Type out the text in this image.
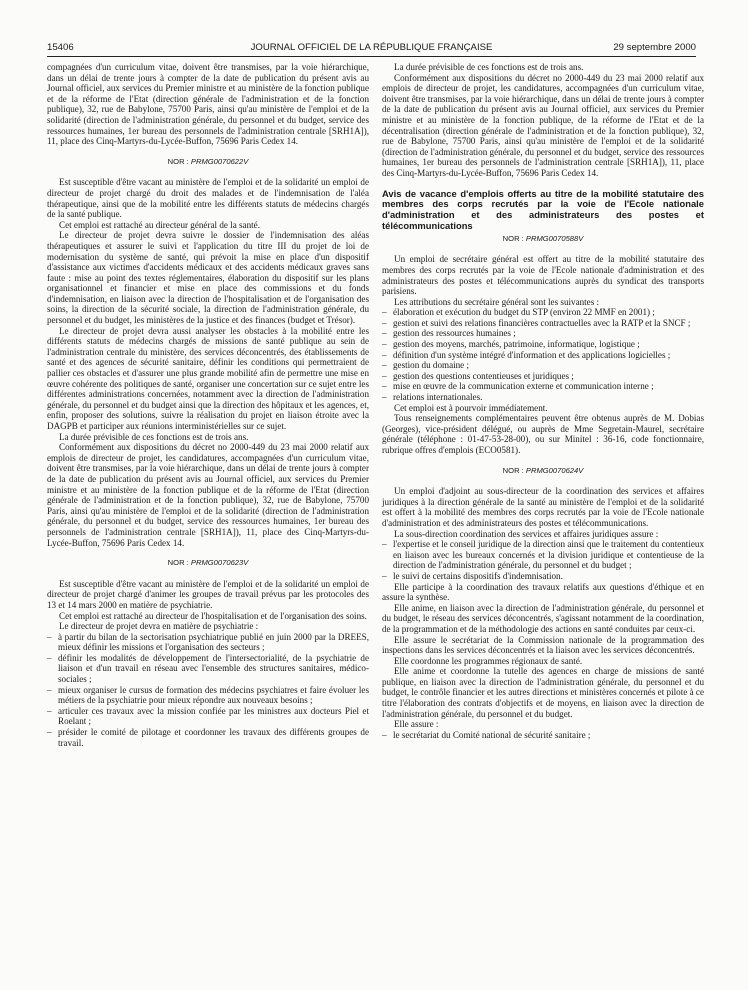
15406	JOURNAL OFFICIEL DE LA RÉPUBLIQUE FRANÇAISE	29 septembre 2000

compagnées d'un curriculum vitae, doivent être transmises, par la voie hiérarchique, dans un délai de trente jours à compter de la date de publication du présent avis au Journal officiel, aux services du Premier ministre et au ministère de la fonction publique et de la réforme de l'Etat (direction générale de l'administration et de la fonction publique), 32, rue de Babylone, 75700 Paris, ainsi qu'au ministère de l'emploi et de la solidarité (direction de l'administration générale, du personnel et du budget, service des ressources humaines, 1er bureau des personnels de l'administration centrale [SRH1A]), 11, place des Cinq-Martyrs-du-Lycée-Buffon, 75696 Paris Cedex 14.

NOR : PRMG0070622V

Est susceptible d'être vacant au ministère de l'emploi et de la solidarité un emploi de directeur de projet chargé du droit des malades et de l'indemnisation de l'aléa thérapeutique, ainsi que de la mobilité entre les différents statuts de médecins chargés de la santé publique.

Cet emploi est rattaché au directeur général de la santé.

Le directeur de projet devra suivre le dossier de l'indemnisation des aléas thérapeutiques et assurer le suivi et l'application du titre III du projet de loi de modernisation du système de santé, qui prévoit la mise en place d'un dispositif d'assistance aux victimes d'accidents médicaux et des accidents médicaux graves sans faute : mise au point des textes réglementaires, élaboration du dispositif sur les plans organisationnel et financier et mise en place des commissions et du fonds d'indemnisation, en liaison avec la direction de l'hospitalisation et de l'organisation des soins, la direction de la sécurité sociale, la direction de l'administration générale, du personnel et du budget, les ministères de la justice et des finances (budget et Trésor).

Le directeur de projet devra aussi analyser les obstacles à la mobilité entre les différents statuts de médecins chargés de missions de santé publique au sein de l'administration centrale du ministère, des services déconcentrés, des établissements de santé et des agences de sécurité sanitaire, définir les conditions qui permettraient de pallier ces obstacles et d'assurer une plus grande mobilité afin de permettre une mise en œuvre cohérente des politiques de santé, organiser une concertation sur ce sujet entre les différentes administrations concernées, notamment avec la direction de l'administration générale, du personnel et du budget ainsi que la direction des hôpitaux et les agences, et, enfin, proposer des solutions, suivre la réalisation du projet en liaison étroite avec la DAGPB et participer aux réunions interministérielles sur ce sujet.

La durée prévisible de ces fonctions est de trois ans.

Conformément aux dispositions du décret no 2000-449 du 23 mai 2000 relatif aux emplois de directeur de projet, les candidatures, accompagnées d'un curriculum vitae, doivent être transmises, par la voie hiérarchique, dans un délai de trente jours à compter de la date de publication du présent avis au Journal officiel, aux services du Premier ministre et au ministère de la fonction publique et de la réforme de l'Etat (direction générale de l'administration et de la fonction publique), 32, rue de Babylone, 75700 Paris, ainsi qu'au ministère de l'emploi et de la solidarité (direction de l'administration générale, du personnel et du budget, service des ressources humaines, 1er bureau des personnels de l'administration centrale [SRH1A]), 11, place des Cinq-Martyrs-du-Lycée-Buffon, 75696 Paris Cedex 14.

NOR : PRMG0070623V

Est susceptible d'être vacant au ministère de l'emploi et de la solidarité un emploi de directeur de projet chargé d'animer les groupes de travail prévus par les protocoles des 13 et 14 mars 2000 en matière de psychiatrie.

Cet emploi est rattaché au directeur de l'hospitalisation et de l'organisation des soins.

Le directeur de projet devra en matière de psychiatrie :

– à partir du bilan de la sectorisation psychiatrique publié en juin 2000 par la DREES, mieux définir les missions et l'organisation des secteurs ;
– définir les modalités de développement de l'intersectorialité, de la psychiatrie de liaison et d'un travail en réseau avec l'ensemble des structures sanitaires, médico-sociales ;
– mieux organiser le cursus de formation des médecins psychiatres et faire évoluer les métiers de la psychiatrie pour mieux répondre aux nouveaux besoins ;
– articuler ces travaux avec la mission confiée par les ministres aux docteurs Piel et Roelant ;
– présider le comité de pilotage et coordonner les travaux des différents groupes de travail.

La durée prévisible de ces fonctions est de trois ans.

Conformément aux dispositions du décret no 2000-449 du 23 mai 2000 relatif aux emplois de directeur de projet, les candidatures, accompagnées d'un curriculum vitae, doivent être transmises, par la voie hiérarchique, dans un délai de trente jours à compter de la date de publication du présent avis au Journal officiel, aux services du Premier ministre et au ministère de la fonction publique, de la réforme de l'Etat et de la décentralisation (direction générale de l'administration et de la fonction publique), 32, rue de Babylone, 75700 Paris, ainsi qu'au ministère de l'emploi et de la solidarité (direction de l'administration générale, du personnel et du budget, service des ressources humaines, 1er bureau des personnels de l'administration centrale [SRH1A]), 11, place des Cinq-Martyrs-du-Lycée-Buffon, 75696 Paris Cedex 14.

Avis de vacance d'emplois offerts au titre de la mobilité statutaire des membres des corps recrutés par la voie de l'Ecole nationale d'administration et des administrateurs des postes et télécommunications
NOR : PRMG0070588V

Un emploi de secrétaire général est offert au titre de la mobilité statutaire des membres des corps recrutés par la voie de l'Ecole nationale d'administration et des administrateurs des postes et télécommunications auprès du syndicat des transports parisiens.

Les attributions du secrétaire général sont les suivantes :

– élaboration et exécution du budget du STP (environ 22 MMF en 2001) ;
– gestion et suivi des relations financières contractuelles avec la RATP et la SNCF ;
– gestion des ressources humaines ;
– gestion des moyens, marchés, patrimoine, informatique, logistique ;
– définition d'un système intégré d'information et des applications logicielles ;
– gestion du domaine ;
– gestion des questions contentieuses et juridiques ;
– mise en œuvre de la communication externe et communication interne ;
– relations internationales.

Cet emploi est à pourvoir immédiatement.

Tous renseignements complémentaires peuvent être obtenus auprès de M. Dobias (Georges), vice-président délégué, ou auprès de Mme Segretain-Maurel, secrétaire générale (téléphone : 01-47-53-28-00), ou sur Minitel : 36-16, code fonctionnaire, rubrique offres d'emplois (ECO0581).

NOR : PRMG0070624V

Un emploi d'adjoint au sous-directeur de la coordination des services et affaires juridiques à la direction générale de la santé au ministère de l'emploi et de la solidarité est offert à la mobilité des membres des corps recrutés par la voie de l'Ecole nationale d'administration et des administrateurs des postes et télécommunications.

La sous-direction coordination des services et affaires juridiques assure :

– l'expertise et le conseil juridique de la direction ainsi que le traitement du contentieux en liaison avec les bureaux concernés et la division juridique et contentieuse de la direction de l'administration générale, du personnel et du budget ;
– le suivi de certains dispositifs d'indemnisation.

Elle participe à la coordination des travaux relatifs aux questions d'éthique et en assure la synthèse.

Elle anime, en liaison avec la direction de l'administration générale, du personnel et du budget, le réseau des services déconcentrés, s'agissant notamment de la coordination, de la programmation et de la méthodologie des actions en santé conduites par ceux-ci.

Elle assure le secrétariat de la Commission nationale de la programmation des inspections dans les services déconcentrés et la liaison avec les services déconcentrés.

Elle coordonne les programmes régionaux de santé.

Elle anime et coordonne la tutelle des agences en charge de missions de santé publique, en liaison avec la direction de l'administration générale, du personnel et du budget, le contrôle financier et les autres directions et ministères concernés et pilote à ce titre l'élaboration des contrats d'objectifs et de moyens, en liaison avec la direction de l'administration générale, du personnel et du budget.

Elle assure :

– le secrétariat du Comité national de sécurité sanitaire ;
